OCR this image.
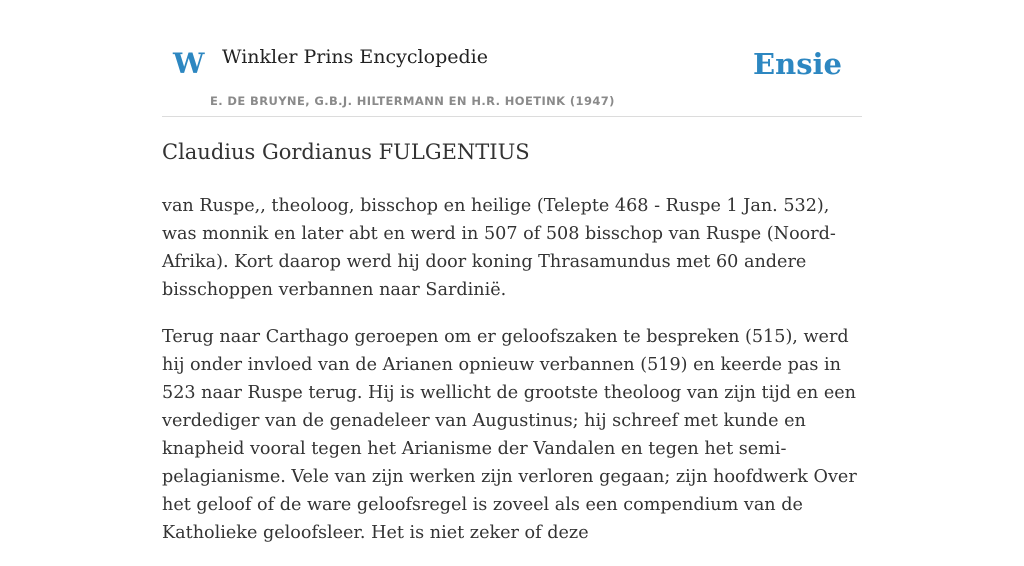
W Winkler Prins Encyclopedie
E. DE BRUYNE, G.B.J. HILTERMANN EN H.R. HOETINK (1947)
Ensie
Claudius Gordianus FULGENTIUS

van Ruspe,, theoloog, bisschop en heilige (Telepte 468 - Ruspe 1 Jan. 532), was monnik en later abt en werd in 507 of 508 bisschop van Ruspe (Noord-Afrika). Kort daarop werd hij door koning Thrasamundus met 60 andere bisschoppen verbannen naar Sardinië.

Terug naar Carthago geroepen om er geloofszaken te bespreken (515), werd hij onder invloed van de Arianen opnieuw verbannen (519) en keerde pas in 523 naar Ruspe terug. Hij is wellicht de grootste theoloog van zijn tijd en een verdediger van de genadeleer van Augustinus; hij schreef met kunde en knapheid vooral tegen het Arianisme der Vandalen en tegen het semi-pelagianisme. Vele van zijn werken zijn verloren gegaan; zijn hoofdwerk Over het geloof of de ware geloofsregel is zoveel als een compendium van de Katholieke geloofsleer. Het is niet zeker of deze
